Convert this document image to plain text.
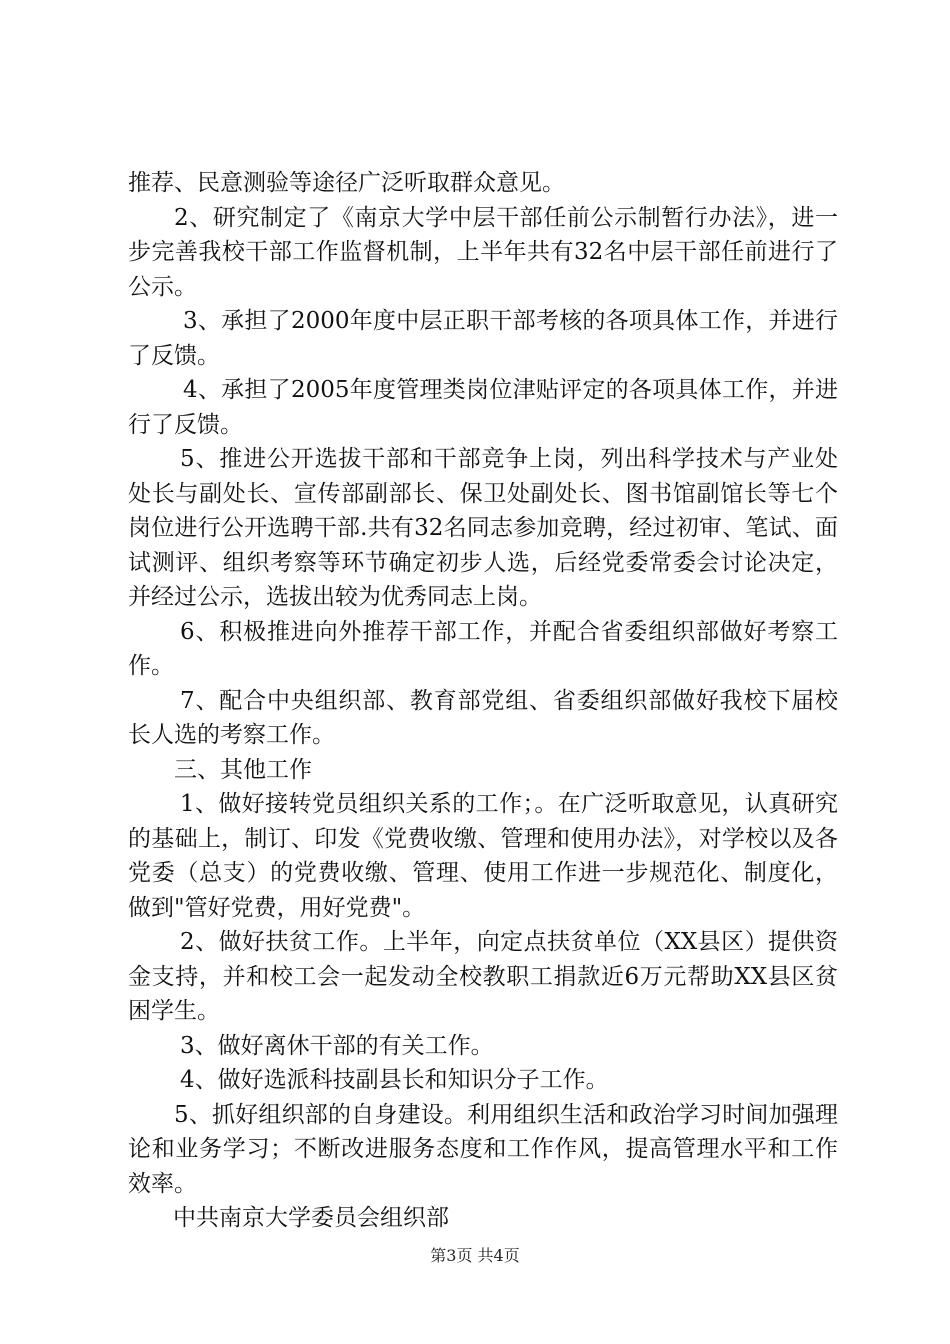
推荐、民意测验等途径广泛听取群众意见。

2、研究制定了《南京大学中层干部任前公示制暂行办法》，进一步完善我校干部工作监督机制，上半年共有32名中层干部任前进行了公示。

3、承担了2000年度中层正职干部考核的各项具体工作，并进行了反馈。

4、承担了2005年度管理类岗位津贴评定的各项具体工作，并进行了反馈。

5、推进公开选拔干部和干部竞争上岗，列出科学技术与产业处处长与副处长、宣传部副部长、保卫处副处长、图书馆副馆长等七个岗位进行公开选聘干部.共有32名同志参加竞聘，经过初审、笔试、面试测评、组织考察等环节确定初步人选，后经党委常委会讨论决定，并经过公示，选拔出较为优秀同志上岗。

6、积极推进向外推荐干部工作，并配合省委组织部做好考察工作。

7、配合中央组织部、教育部党组、省委组织部做好我校下届校长人选的考察工作。

三、其他工作

1、做好接转党员组织关系的工作；。在广泛听取意见，认真研究的基础上，制订、印发《党费收缴、管理和使用办法》，对学校以及各党委（总支）的党费收缴、管理、使用工作进一步规范化、制度化，做到"管好党费，用好党费"。

2、做好扶贫工作。上半年，向定点扶贫单位（XX县区）提供资金支持，并和校工会一起发动全校教职工捐款近6万元帮助XX县区贫困学生。

3、做好离休干部的有关工作。

4、做好选派科技副县长和知识分子工作。

5、抓好组织部的自身建设。利用组织生活和政治学习时间加强理论和业务学习；不断改进服务态度和工作作风，提高管理水平和工作效率。

中共南京大学委员会组织部

第3页 共4页
